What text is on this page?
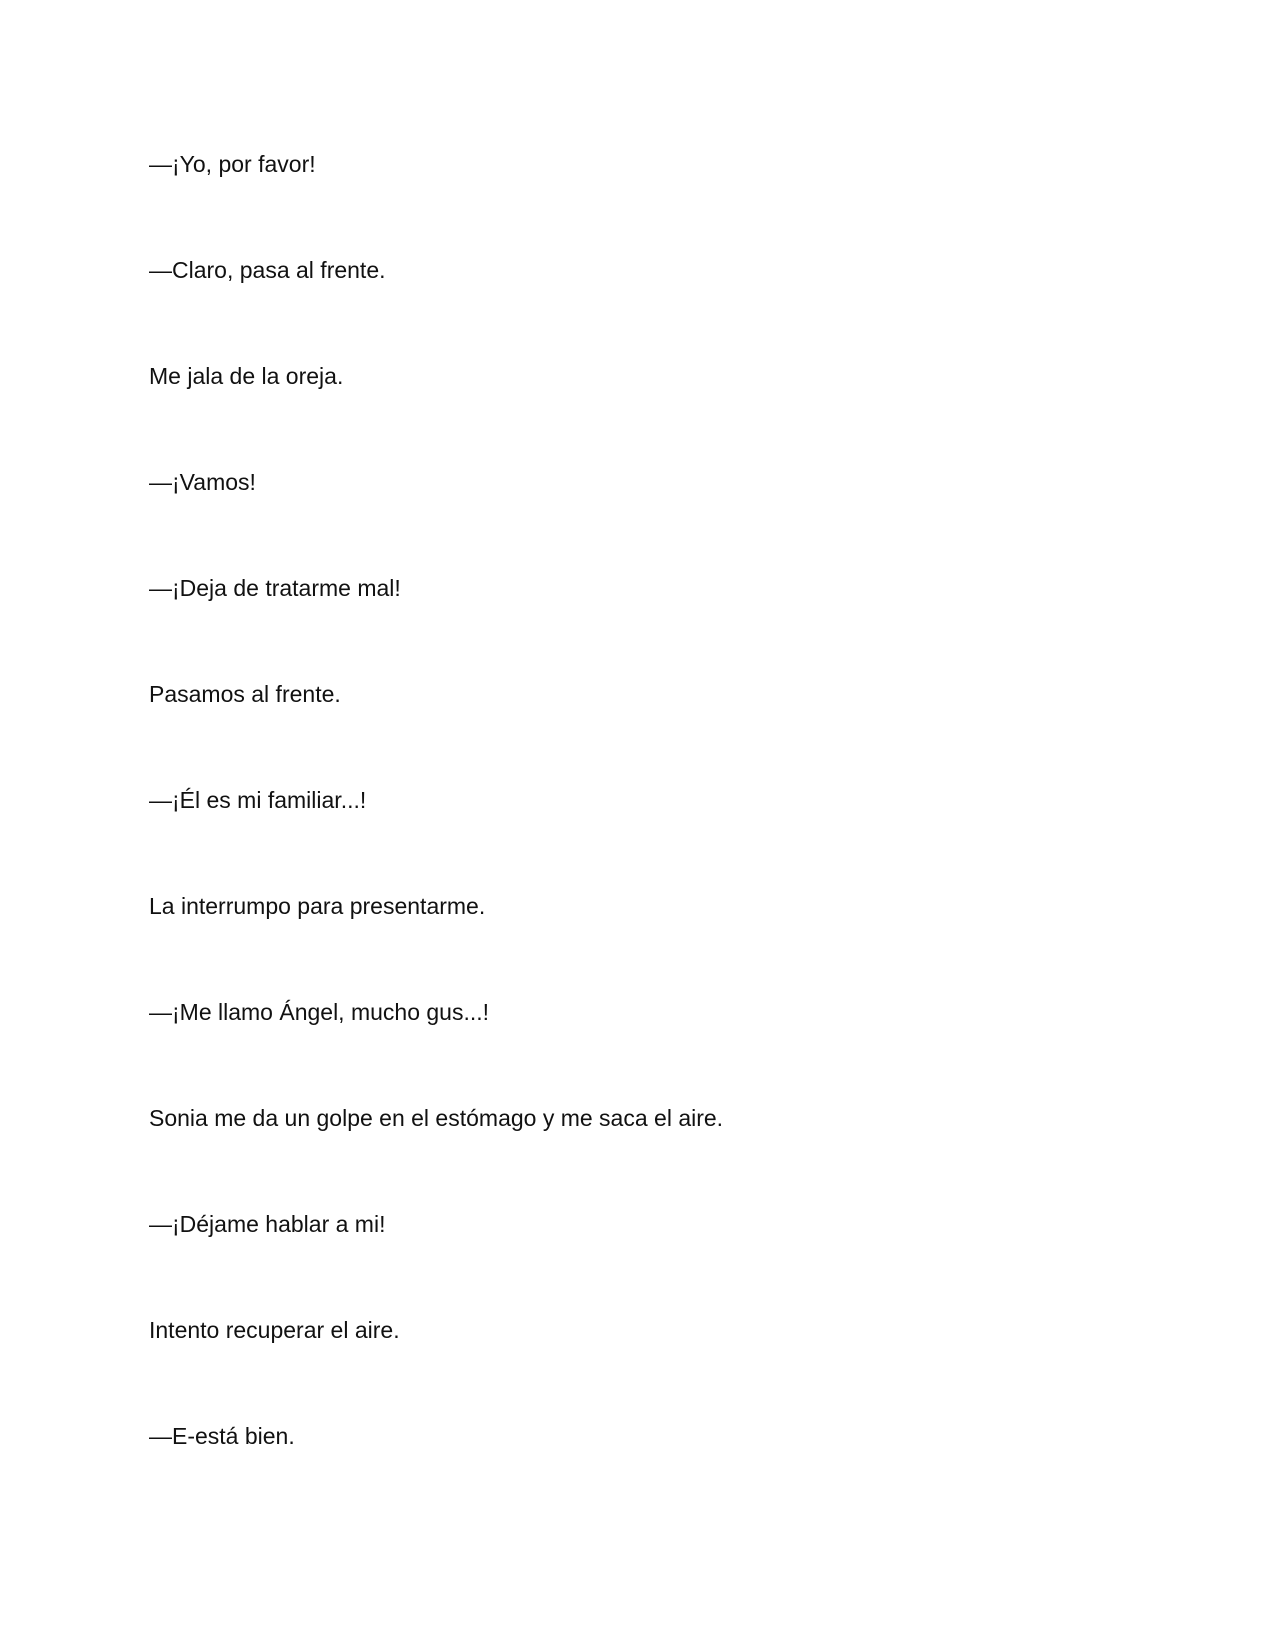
—¡Yo, por favor!

—Claro, pasa al frente.

Me jala de la oreja.

—¡Vamos!

—¡Deja de tratarme mal!

Pasamos al frente.

—¡Él es mi familiar...!

La interrumpo para presentarme.

—¡Me llamo Ángel, mucho gus...!

Sonia me da un golpe en el estómago y me saca el aire.

—¡Déjame hablar a mi!

Intento recuperar el aire.

—E-está bien.
